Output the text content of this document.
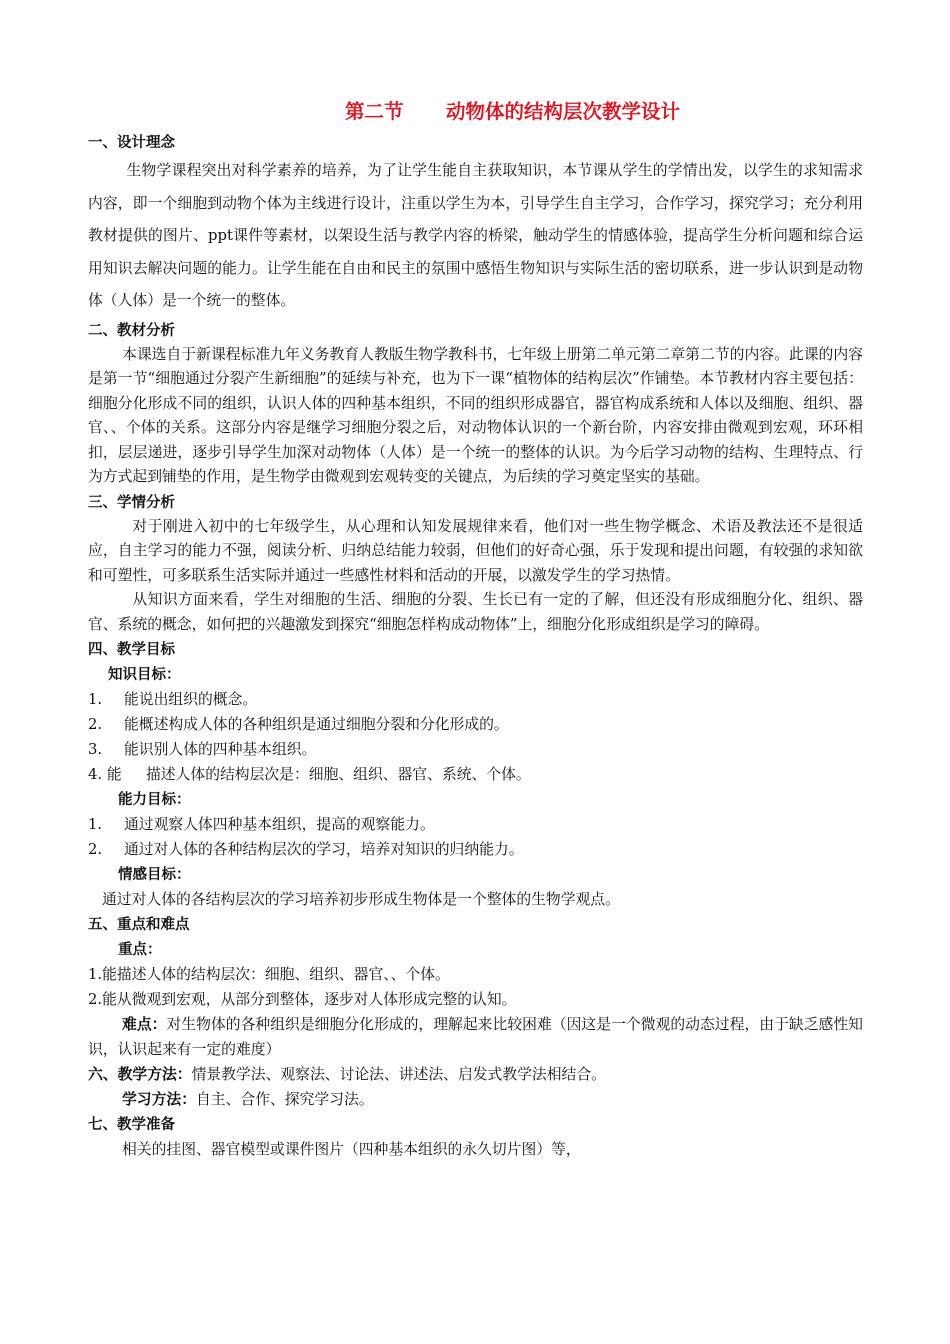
第二节 动物体的结构层次教学设计
一、设计理念

生物学课程突出对科学素养的培养，为了让学生能自主获取知识，本节课从学生的学情出发，以学生的求知需求内容，即一个细胞到动物个体为主线进行设计，注重以学生为本，引导学生自主学习，合作学习，探究学习；充分利用教材提供的图片、ppt课件等素材，以架设生活与教学内容的桥梁，触动学生的情感体验，提高学生分析问题和综合运用知识去解决问题的能力。让学生能在自由和民主的氛围中感悟生物知识与实际生活的密切联系，进一步认识到是动物体（人体）是一个统一的整体。

二、教材分析

本课选自于新课程标准九年义务教育人教版生物学教科书，七年级上册第二单元第二章第二节的内容。此课的内容是第一节“细胞通过分裂产生新细胞”的延续与补充，也为下一课“植物体的结构层次”作铺垫。本节教材内容主要包括：细胞分化形成不同的组织，认识人体的四种基本组织，不同的组织形成器官，器官构成系统和人体以及细胞、组织、器官、、个体的关系。这部分内容是继学习细胞分裂之后，对动物体认识的一个新台阶，内容安排由微观到宏观，环环相扣，层层递进，逐步引导学生加深对动物体（人体）是一个统一的整体的认识。为今后学习动物的结构、生理特点、行为方式起到铺垫的作用，是生物学由微观到宏观转变的关键点，为后续的学习奠定坚实的基础。

三、学情分析

对于刚进入初中的七年级学生，从心理和认知发展规律来看，他们对一些生物学概念、术语及教法还不是很适应，自主学习的能力不强，阅读分析、归纳总结能力较弱，但他们的好奇心强，乐于发现和提出问题，有较强的求知欲和可塑性，可多联系生活实际并通过一些感性材料和活动的开展，以激发学生的学习热情。

从知识方面来看，学生对细胞的生活、细胞的分裂、生长已有一定的了解，但还没有形成细胞分化、组织、器官、系统的概念，如何把的兴趣激发到探究“细胞怎样构成动物体”上，细胞分化形成组织是学习的障碍。

四、教学目标
知识目标：
1.	能说出组织的概念。
2.	能概述构成人体的各种组织是通过细胞分裂和分化形成的。
3.	能识别人体的四种基本组织。
4. 能	描述人体的结构层次是：细胞、组织、器官、系统、个体。
能力目标：
1.	通过观察人体四种基本组织，提高的观察能力。
2.	通过对人体的各种结构层次的学习，培养对知识的归纳能力。
情感目标：
通过对人体的各结构层次的学习培养初步形成生物体是一个整体的生物学观点。
五、重点和难点
重点：
1.能描述人体的结构层次：细胞、组织、器官、、个体。
2.能从微观到宏观，从部分到整体，逐步对人体形成完整的认知。
难点：对生物体的各种组织是细胞分化形成的，理解起来比较困难（因这是一个微观的动态过程，由于缺乏感性知识，认识起来有一定的难度）
六、教学方法：情景教学法、观察法、讨论法、讲述法、启发式教学法相结合。
学习方法：自主、合作、探究学习法。
七、教学准备
相关的挂图、器官模型或课件图片（四种基本组织的永久切片图）等，
